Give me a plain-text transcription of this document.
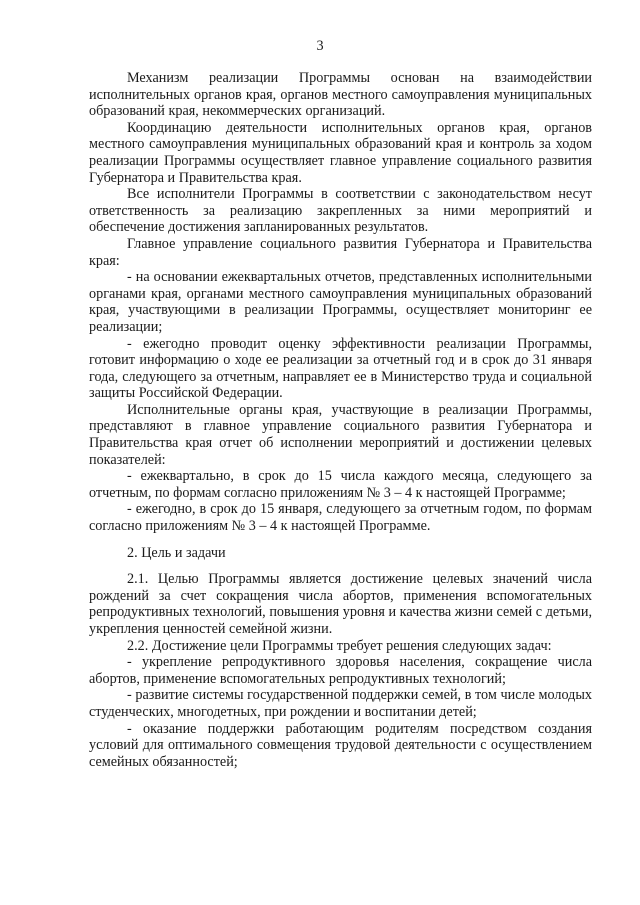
3

Механизм реализации Программы основан на взаимодействии исполнительных органов края, органов местного самоуправления муниципальных образований края, некоммерческих организаций.

Координацию деятельности исполнительных органов края, органов местного самоуправления муниципальных образований края и контроль за ходом реализации Программы осуществляет главное управление социального развития Губернатора и Правительства края.

Все исполнители Программы в соответствии с законодательством несут ответственность за реализацию закрепленных за ними мероприятий и обеспечение достижения запланированных результатов.

Главное управление социального развития Губернатора и Правительства края:

- на основании ежеквартальных отчетов, представленных исполнительными органами края, органами местного самоуправления муниципальных образований края, участвующими в реализации Программы, осуществляет мониторинг ее реализации;

- ежегодно проводит оценку эффективности реализации Программы, готовит информацию о ходе ее реализации за отчетный год и в срок до 31 января года, следующего за отчетным, направляет ее в Министерство труда и социальной защиты Российской Федерации.

Исполнительные органы края, участвующие в реализации Программы, представляют в главное управление социального развития Губернатора и Правительства края отчет об исполнении мероприятий и достижении целевых показателей:

- ежеквартально, в срок до 15 числа каждого месяца, следующего за отчетным, по формам согласно приложениям № 3 – 4 к настоящей Программе;

- ежегодно, в срок до 15 января, следующего за отчетным годом, по формам согласно приложениям № 3 – 4 к настоящей Программе.

2. Цель и задачи

2.1. Целью Программы является достижение целевых значений числа рождений за счет сокращения числа абортов, применения вспомогательных репродуктивных технологий, повышения уровня и качества жизни семей с детьми, укрепления ценностей семейной жизни.

2.2. Достижение цели Программы требует решения следующих задач:

- укрепление репродуктивного здоровья населения, сокращение числа абортов, применение вспомогательных репродуктивных технологий;

- развитие системы государственной поддержки семей, в том числе молодых студенческих, многодетных, при рождении и воспитании детей;

- оказание поддержки работающим родителям посредством создания условий для оптимального совмещения трудовой деятельности с осуществлением семейных обязанностей;
